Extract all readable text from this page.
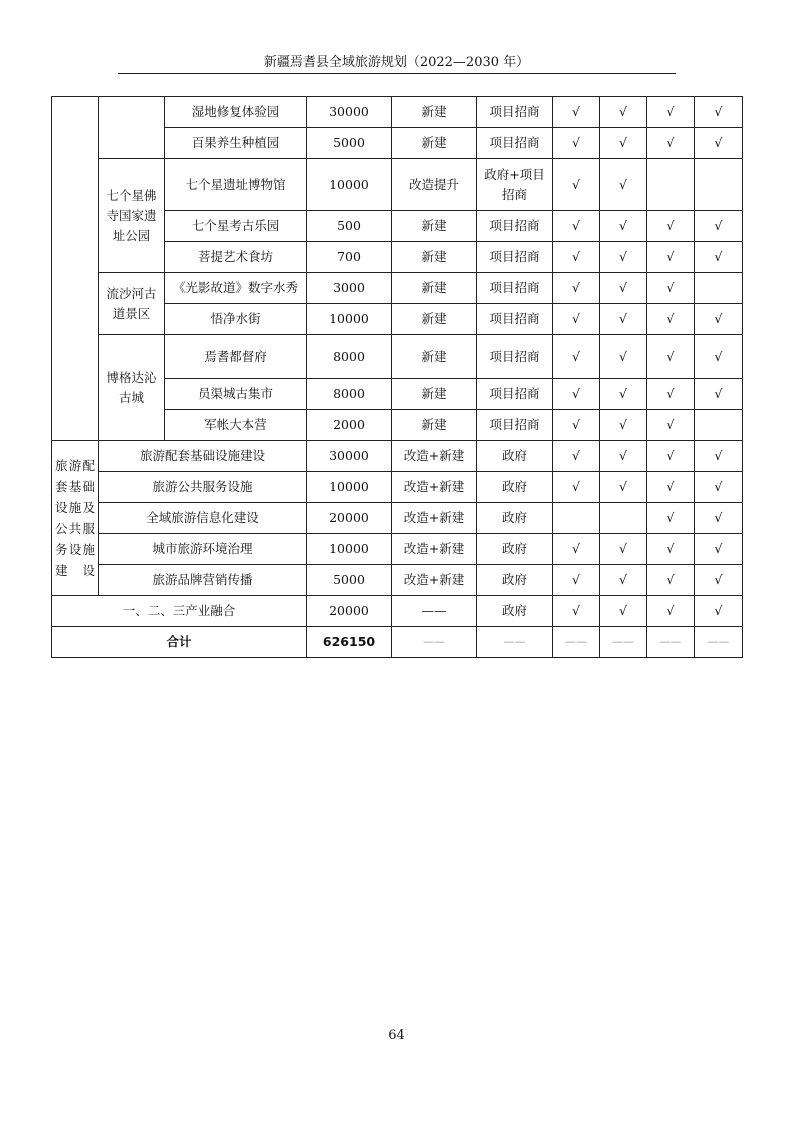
新疆焉耆县全域旅游规划（2022—2030 年）
		湿地修复体验园	30000	新建	项目招商	√	√	√	√
		百果养生种植园	5000	新建	项目招商	√	√	√	√
	七个星佛寺国家遗址公园	七个星遗址博物馆	10000	改造提升	政府+项目招商	√	√		
		七个星考古乐园	500	新建	项目招商	√	√	√	√
		菩提艺术食坊	700	新建	项目招商	√	√	√	√
	流沙河古道景区	《光影故道》数字水秀	3000	新建	项目招商	√	√	√	
		悟净水街	10000	新建	项目招商	√	√	√	√
	博格达沁古城	焉耆都督府	8000	新建	项目招商	√	√	√	√
		员渠城古集市	8000	新建	项目招商	√	√	√	√
		军帐大本营	2000	新建	项目招商	√	√	√	
旅游配套基础设施及公共服务设施建设	旅游配套基础设施建设		30000	改造+新建	政府	√	√	√	√
	旅游公共服务设施		10000	改造+新建	政府	√	√	√	√
	全域旅游信息化建设		20000	改造+新建	政府			√	√
	城市旅游环境治理		10000	改造+新建	政府	√	√	√	√
	旅游品牌营销传播		5000	改造+新建	政府	√	√	√	√
一、二、三产业融合			20000	——	政府	√	√	√	√
合计			626150	——	——	——	——	——	——
64
